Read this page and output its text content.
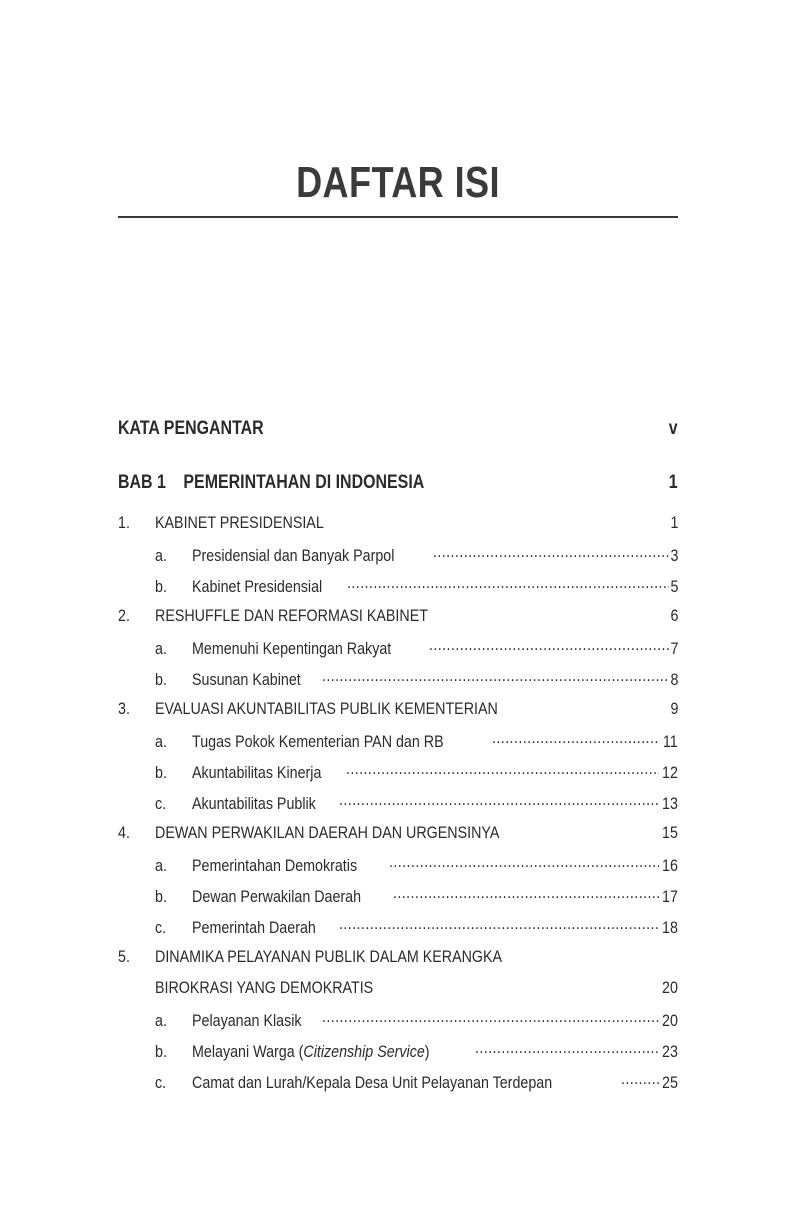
DAFTAR ISI
KATA PENGANTAR	v
BAB 1 PEMERINTAHAN DI INDONESIA	1
1.	KABINET PRESIDENSIAL	1
a.	Presidensial dan Banyak Parpol .....	3
b.	Kabinet Presidensial .....	5
2.	RESHUFFLE DAN REFORMASI KABINET	6
a.	Memenuhi Kepentingan Rakyat .....	7
b.	Susunan Kabinet .....	8
3.	EVALUASI AKUNTABILITAS PUBLIK KEMENTERIAN	9
a.	Tugas Pokok Kementerian PAN dan RB .....	11
b.	Akuntabilitas Kinerja .....	12
c.	Akuntabilitas Publik .....	13
4.	DEWAN PERWAKILAN DAERAH DAN URGENSINYA	15
a.	Pemerintahan Demokratis .....	16
b.	Dewan Perwakilan Daerah .....	17
c.	Pemerintah Daerah .....	18
5.	DINAMIKA PELAYANAN PUBLIK DALAM KERANGKA
BIROKRASI YANG DEMOKRATIS	20
a.	Pelayanan Klasik .....	20
b.	Melayani Warga (Citizenship Service) .....	23
c.	Camat dan Lurah/Kepala Desa Unit Pelayanan Terdepan .....	25
